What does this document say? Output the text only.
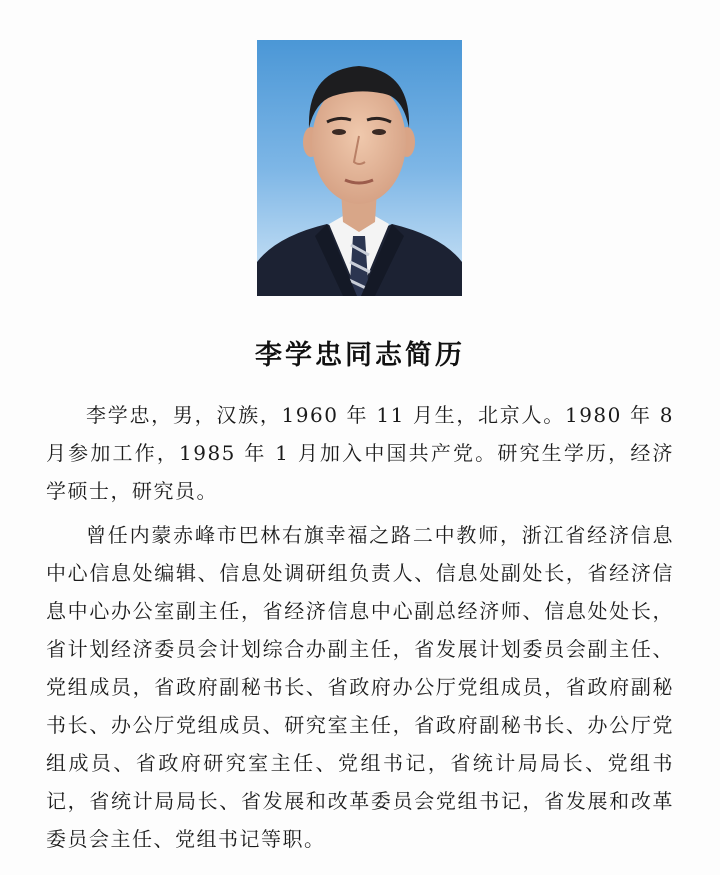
李学忠同志简历

李学忠，男，汉族，1960 年 11 月生，北京人。1980 年 8 月参加工作，1985 年 1 月加入中国共产党。研究生学历，经济学硕士，研究员。

曾任内蒙赤峰市巴林右旗幸福之路二中教师，浙江省经济信息中心信息处编辑、信息处调研组负责人、信息处副处长，省经济信息中心办公室副主任，省经济信息中心副总经济师、信息处处长，省计划经济委员会计划综合办副主任，省发展计划委员会副主任、党组成员，省政府副秘书长、省政府办公厅党组成员，省政府副秘书长、办公厅党组成员、研究室主任，省政府副秘书长、办公厅党组成员、省政府研究室主任、党组书记，省统计局局长、党组书记，省统计局局长、省发展和改革委员会党组书记，省发展和改革委员会主任、党组书记等职。
